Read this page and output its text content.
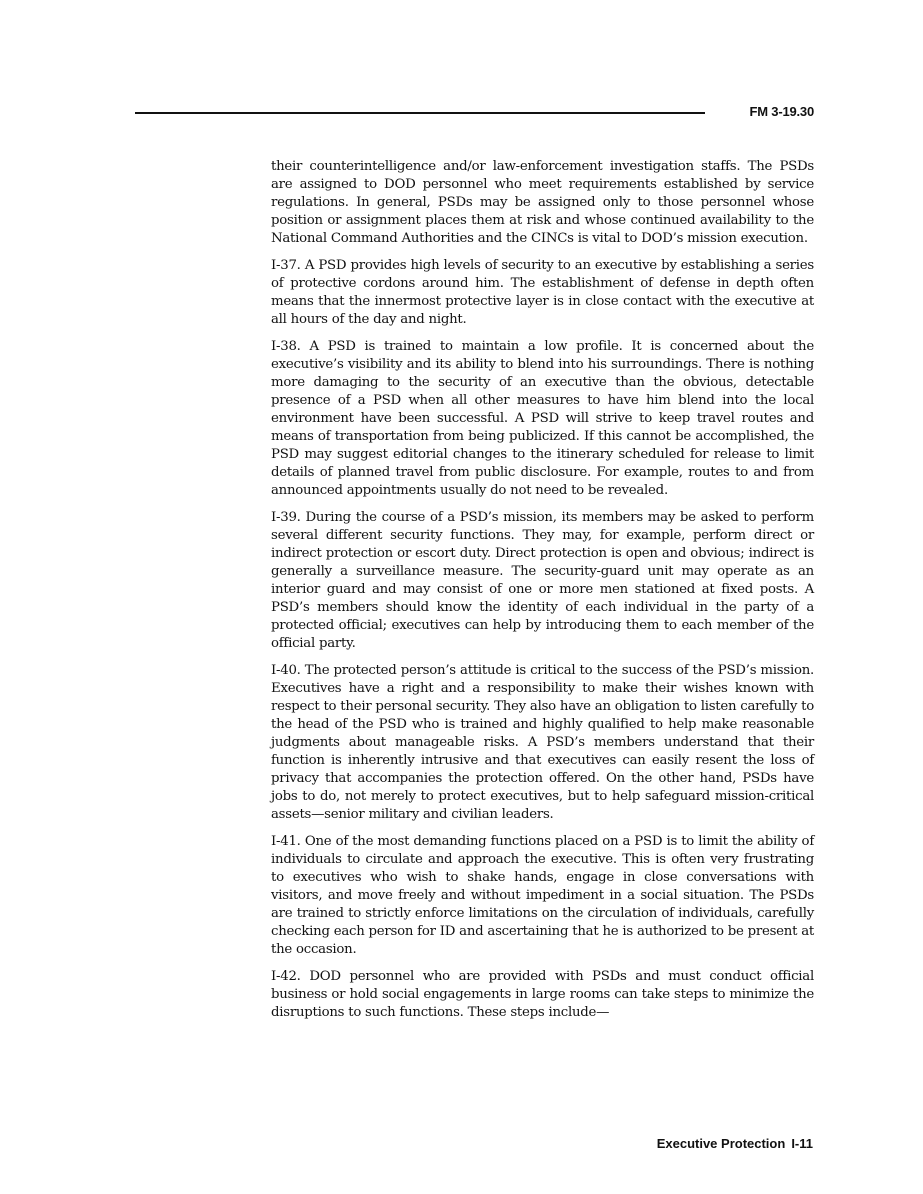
FM 3-19.30

their counterintelligence and/or law-enforcement investigation staffs. The PSDs are assigned to DOD personnel who meet requirements established by service regulations. In general, PSDs may be assigned only to those personnel whose position or assignment places them at risk and whose continued availability to the National Command Authorities and the CINCs is vital to DOD’s mission execution.

I-37. A PSD provides high levels of security to an executive by establishing a series of protective cordons around him. The establishment of defense in depth often means that the innermost protective layer is in close contact with the executive at all hours of the day and night.

I-38. A PSD is trained to maintain a low profile. It is concerned about the executive’s visibility and its ability to blend into his surroundings. There is nothing more damaging to the security of an executive than the obvious, detectable presence of a PSD when all other measures to have him blend into the local environment have been successful. A PSD will strive to keep travel routes and means of transportation from being publicized. If this cannot be accomplished, the PSD may suggest editorial changes to the itinerary scheduled for release to limit details of planned travel from public disclosure. For example, routes to and from announced appointments usually do not need to be revealed.

I-39. During the course of a PSD’s mission, its members may be asked to perform several different security functions. They may, for example, perform direct or indirect protection or escort duty. Direct protection is open and obvious; indirect is generally a surveillance measure. The security-guard unit may operate as an interior guard and may consist of one or more men stationed at fixed posts. A PSD’s members should know the identity of each individual in the party of a protected official; executives can help by introducing them to each member of the official party.

I-40. The protected person’s attitude is critical to the success of the PSD’s mission. Executives have a right and a responsibility to make their wishes known with respect to their personal security. They also have an obligation to listen carefully to the head of the PSD who is trained and highly qualified to help make reasonable judgments about manageable risks. A PSD’s members understand that their function is inherently intrusive and that executives can easily resent the loss of privacy that accompanies the protection offered. On the other hand, PSDs have jobs to do, not merely to protect executives, but to help safeguard mission-critical assets—senior military and civilian leaders.

I-41. One of the most demanding functions placed on a PSD is to limit the ability of individuals to circulate and approach the executive. This is often very frustrating to executives who wish to shake hands, engage in close conversations with visitors, and move freely and without impediment in a social situation. The PSDs are trained to strictly enforce limitations on the circulation of individuals, carefully checking each person for ID and ascertaining that he is authorized to be present at the occasion.

I-42. DOD personnel who are provided with PSDs and must conduct official business or hold social engagements in large rooms can take steps to minimize the disruptions to such functions. These steps include—

Executive Protection I-11
